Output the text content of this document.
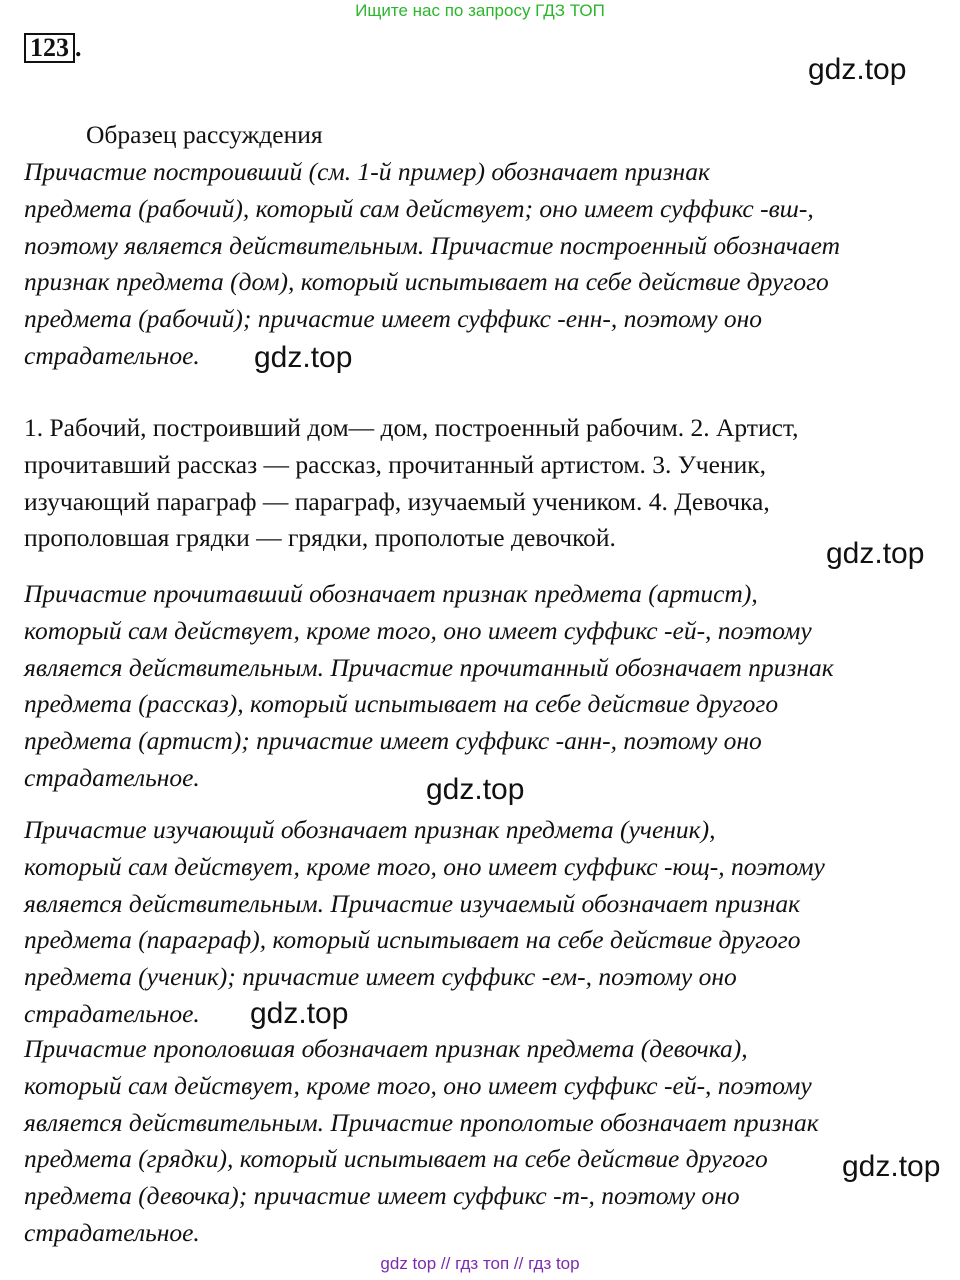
Ищите нас по запросу ГДЗ ТОП
123 .
gdz.top

Образец рассуждения

Причастие построивший (см. 1-й пример) обозначает признак
предмета (рабочий), который сам действует; оно имеет суффикс -вш-,
поэтому является действительным. Причастие построенный обозначает
признак предмета (дом), который испытывает на себе действие другого
предмета (рабочий); причастие имеет суффикс -енн-, поэтому оно
страдательное.	gdz.top

1. Рабочий, построивший дом— дом, построенный рабочим. 2. Артист,
прочитавший рассказ — рассказ, прочитанный артистом. 3. Ученик,
изучающий параграф — параграф, изучаемый учеником. 4. Девочка,
прополовшая грядки — грядки, прополотые девочкой.	gdz.top

Причастие прочитавший обозначает признак предмета (артист),
который сам действует, кроме того, оно имеет суффикс -ей-, поэтому
является действительным. Причастие прочитанный обозначает признак
предмета (рассказ), который испытывает на себе действие другого
предмета (артист); причастие имеет суффикс -анн-, поэтому оно
страдательное.	gdz.top

Причастие изучающий обозначает признак предмета (ученик),
который сам действует, кроме того, оно имеет суффикс -ющ-, поэтому
является действительным. Причастие изучаемый обозначает признак
предмета (параграф), который испытывает на себе действие другого
предмета (ученик); причастие имеет суффикс -ем-, поэтому оно
страдательное.	gdz.top

Причастие прополовшая обозначает признак предмета (девочка),
который сам действует, кроме того, оно имеет суффикс -ей-, поэтому
является действительным. Причастие прополотые обозначает признак
предмета (грядки), который испытывает на себе действие другого
предмета (девочка); причастие имеет суффикс -т-, поэтому оно
страдательное.

gdz.top
gdz top // гдз топ // гдз top
